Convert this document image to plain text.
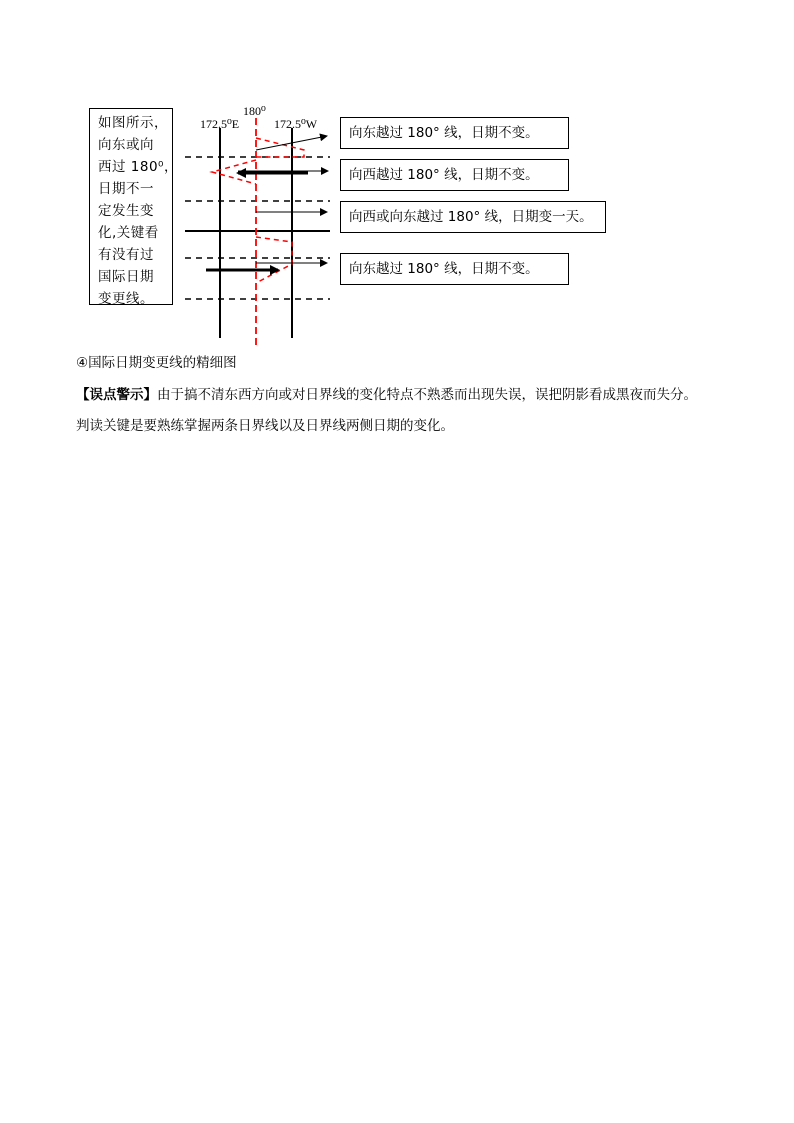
180⁰
172.5⁰E	172.5⁰W
如图所示，
向东或向
西过 180⁰，
日期不一
定发生变
化,关键看
有没有过
国际日期
变更线。
向东越过 180° 线，日期不变。
向西越过 180° 线，日期不变。
向西或向东越过 180° 线，日期变一天。
向东越过 180° 线，日期不变。
④国际日期变更线的精细图
【误点警示】由于搞不清东西方向或对日界线的变化特点不熟悉而出现失误，误把阴影看成黑夜而失分。
判读关键是要熟练掌握两条日界线以及日界线两侧日期的变化。
